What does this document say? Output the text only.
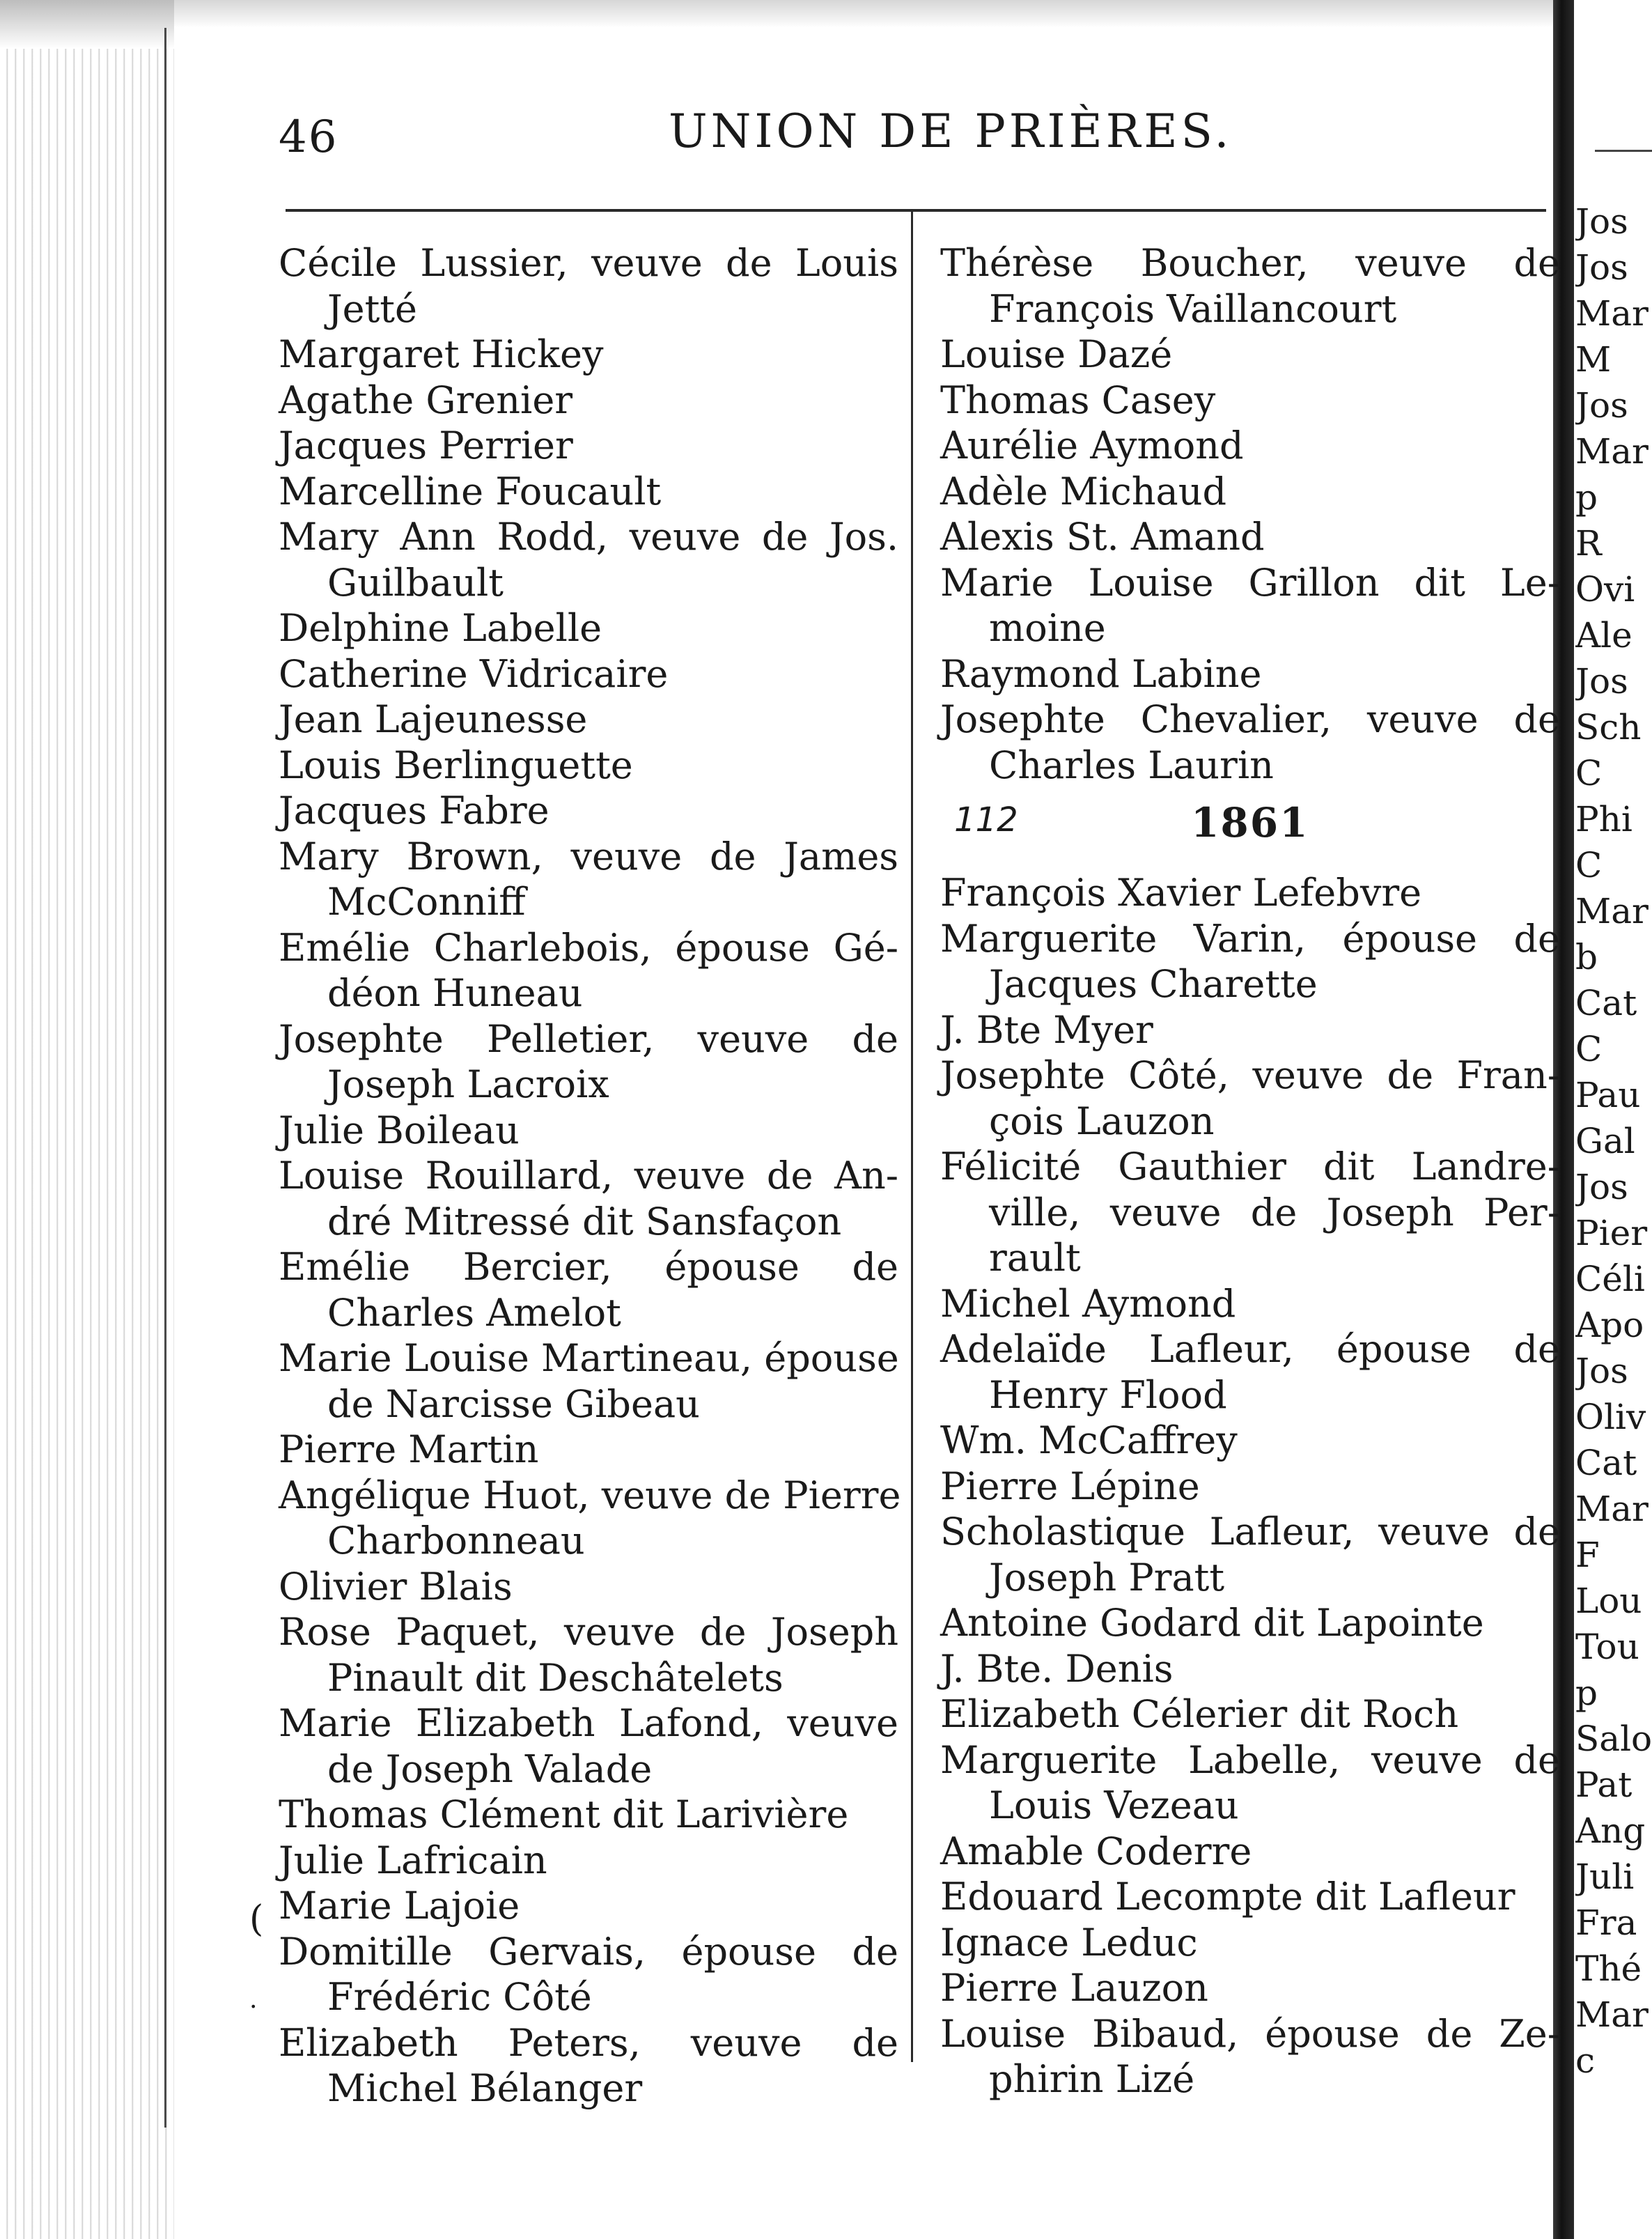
46	UNION DE PRIÈRES.
Cécile Lussier, veuve de Louis
Jetté
Margaret Hickey
Agathe Grenier
Jacques Perrier
Marcelline Foucault
Mary Ann Rodd, veuve de Jos.
Guilbault
Delphine Labelle
Catherine Vidricaire
Jean Lajeunesse
Louis Berlinguette
Jacques Fabre
Mary Brown, veuve de James
McConniff
Emélie Charlebois, épouse Gé-
déon Huneau
Josephte Pelletier, veuve de
Joseph Lacroix
Julie Boileau
Louise Rouillard, veuve de An-
dré Mitressé dit Sansfaçon
Emélie Bercier, épouse de
Charles Amelot
Marie Louise Martineau, épouse
de Narcisse Gibeau
Pierre Martin
Angélique Huot, veuve de Pierre
Charbonneau
Olivier Blais
Rose Paquet, veuve de Joseph
Pinault dit Deschâtelets
Marie Elizabeth Lafond, veuve
de Joseph Valade
Thomas Clément dit Larivière
Julie Lafricain
Marie Lajoie
Domitille Gervais, épouse de
Frédéric Côté
Elizabeth Peters, veuve de
Michel Bélanger
Thérèse Boucher, veuve de
François Vaillancourt
Louise Dazé
Thomas Casey
Aurélie Aymond
Adèle Michaud
Alexis St. Amand
Marie Louise Grillon dit Le-
moine
Raymond Labine
Josephte Chevalier, veuve de
Charles Laurin
112	1861
François Xavier Lefebvre
Marguerite Varin, épouse de
Jacques Charette
J. Bte Myer
Josephte Côté, veuve de Fran-
çois Lauzon
Félicité Gauthier dit Landre-
ville, veuve de Joseph Per-
rault
Michel Aymond
Adelaïde Lafleur, épouse de
Henry Flood
Wm. McCaffrey
Pierre Lépine
Scholastique Lafleur, veuve de
Joseph Pratt
Antoine Godard dit Lapointe
J. Bte. Denis
Elizabeth Célerier dit Roch
Marguerite Labelle, veuve de
Louis Vezeau
Amable Coderre
Edouard Lecompte dit Lafleur
Ignace Leduc
Pierre Lauzon
Louise Bibaud, épouse de Ze-
phirin Lizé
Jos
Jos
Mar
M
Jos
Mar
p
R
Ovi
Ale
Jos
Sch
C
Phi
C
Mar
b
Cat
C
Pau
Gal
Jos
Pier
Céli
Apo
Jos
Oliv
Cat
Mar
F
Lou
Tou
p
Salo
Pat
Ang
Juli
Fra
Thé
Mar
c
(
.
